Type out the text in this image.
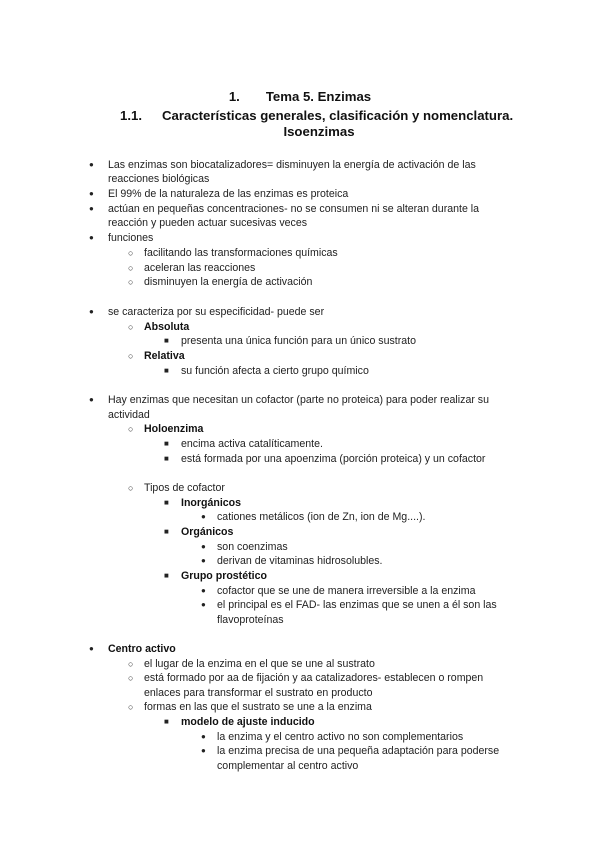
1. Tema 5. Enzimas
1.1. Características generales, clasificación y nomenclatura.
Isoenzimas
●
Las enzimas son biocatalizadores= disminuyen la energía de activación de las
reacciones biológicas
●
El 99% de la naturaleza de las enzimas es proteica
●
actúan en pequeñas concentraciones- no se consumen ni se alteran durante la
reacción y pueden actuar sucesivas veces
●
funciones
○
facilitando las transformaciones químicas
○
aceleran las reacciones
○
disminuyen la energía de activación
●
se caracteriza por su especificidad- puede ser
○
Absoluta
■
presenta una única función para un único sustrato
○
Relativa
■
su función afecta a cierto grupo químico
●
Hay enzimas que necesitan un cofactor (parte no proteica) para poder realizar su
actividad
○
Holoenzima
■
encima activa catalíticamente.
■
está formada por una apoenzima (porción proteica) y un cofactor
○
Tipos de cofactor
■
Inorgánicos
●
cationes metálicos (ion de Zn, ion de Mg....).
■
Orgánicos
●
son coenzimas
●
derivan de vitaminas hidrosolubles.
■
Grupo prostético
●
cofactor que se une de manera irreversible a la enzima
●
el principal es el FAD- las enzimas que se unen a él son las
flavoproteínas
●
Centro activo
○
el lugar de la enzima en el que se une al sustrato
○
está formado por aa de fijación y aa catalizadores- establecen o rompen
enlaces para transformar el sustrato en producto
○
formas en las que el sustrato se une a la enzima
■
modelo de ajuste inducido
●
la enzima y el centro activo no son complementarios
●
la enzima precisa de una pequeña adaptación para poderse
complementar al centro activo
